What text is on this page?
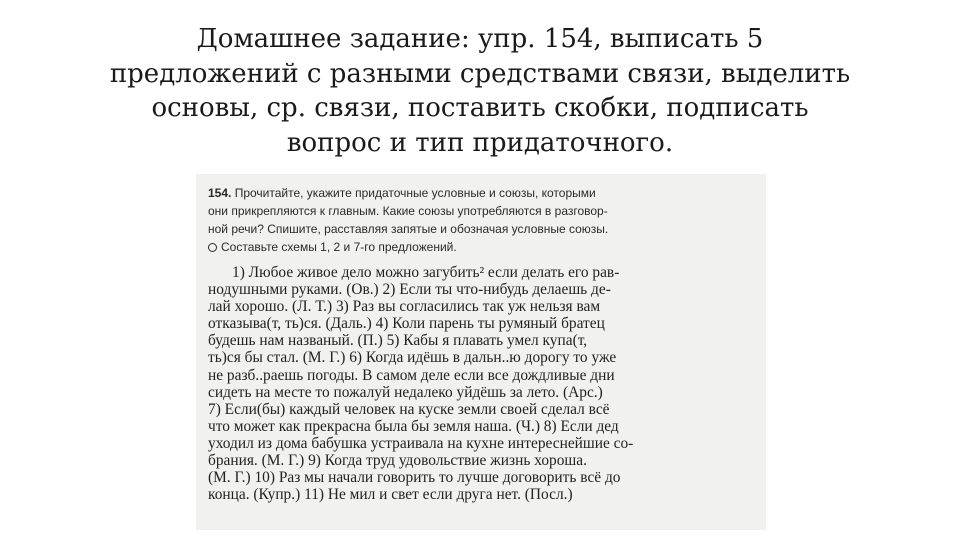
Домашнее задание: упр. 154, выписать 5
предложений с разными средствами связи, выделить
основы, ср. связи, поставить скобки, подписать
вопрос и тип придаточного.
154. Прочитайте, укажите придаточные условные и союзы, которыми
они прикрепляются к главным. Какие союзы употребляются в разговор-
ной речи? Спишите, расставляя запятые и обозначая условные союзы.
Составьте схемы 1, 2 и 7-го предложений.
1) Любое живое дело можно загубить² если делать его рав-
нодушными руками. (Ов.) 2) Если ты что-нибудь делаешь де-
лай хорошо. (Л. Т.) 3) Раз вы согласились так уж нельзя вам
отказыва(т, ть)ся. (Даль.) 4) Коли парень ты румяный братец
будешь нам названый. (П.) 5) Кабы я плавать умел купа(т,
ть)ся бы стал. (М. Г.) 6) Когда идёшь в дальн..ю дорогу то уже
не разб..раешь погоды. В самом деле если все дождливые дни
сидеть на месте то пожалуй недалеко уйдёшь за лето. (Арс.)
7) Если(бы) каждый человек на куске земли своей сделал всё
что может как прекрасна была бы земля наша. (Ч.) 8) Если дед
уходил из дома бабушка устраивала на кухне интереснейшие со-
брания. (М. Г.) 9) Когда труд удовольствие жизнь хороша.
(М. Г.) 10) Раз мы начали говорить то лучше договорить всё до
конца. (Купр.) 11) Не мил и свет если друга нет. (Посл.)
